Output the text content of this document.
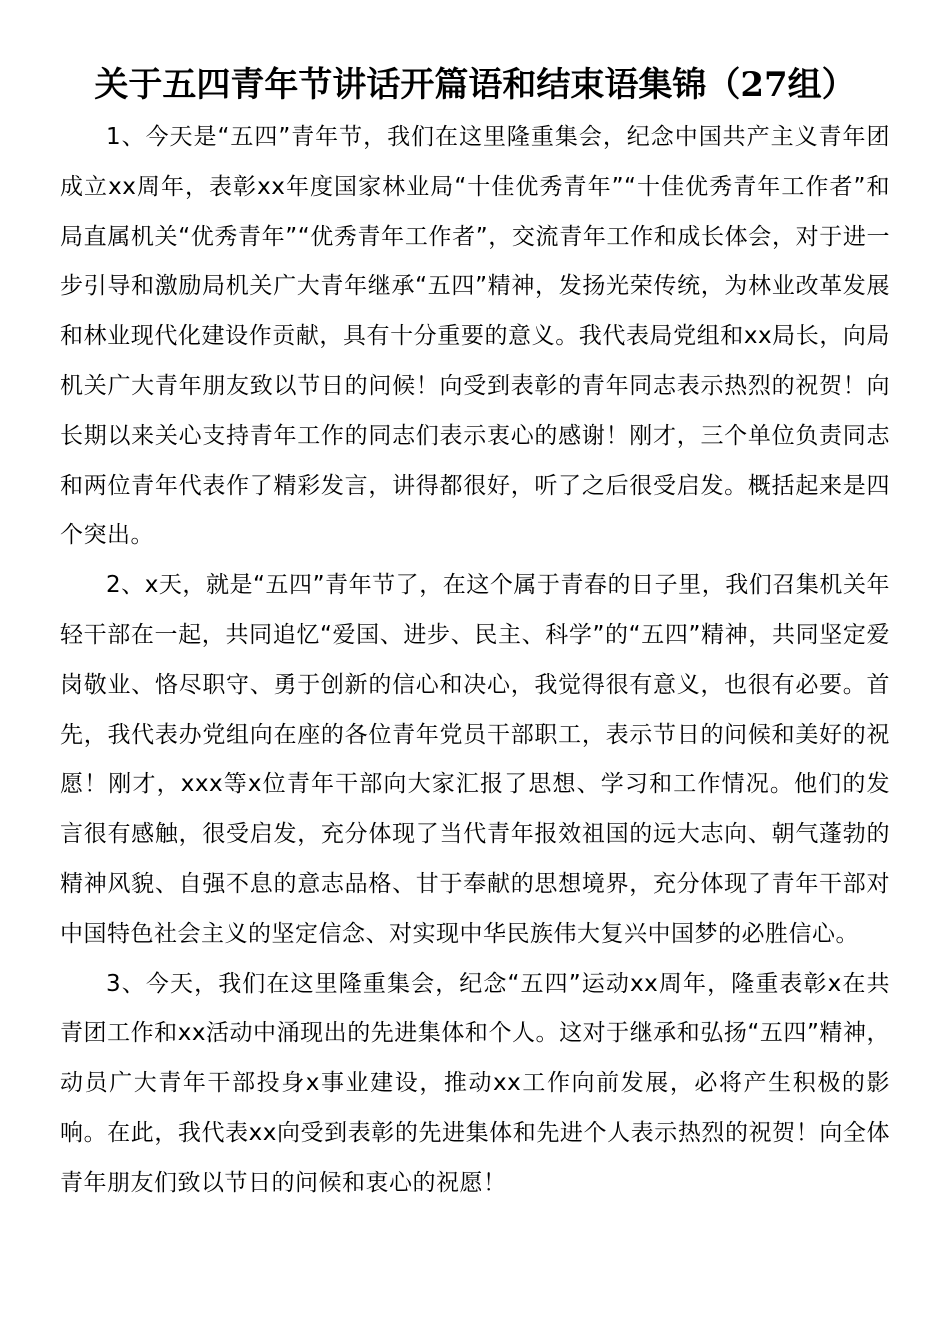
关于五四青年节讲话开篇语和结束语集锦（27组）

1、今天是“五四”青年节，我们在这里隆重集会，纪念中国共产主义青年团成立xx周年，表彰xx年度国家林业局“十佳优秀青年”“十佳优秀青年工作者”和局直属机关“优秀青年”“优秀青年工作者”，交流青年工作和成长体会，对于进一步引导和激励局机关广大青年继承“五四”精神，发扬光荣传统，为林业改革发展和林业现代化建设作贡献，具有十分重要的意义。我代表局党组和xx局长，向局机关广大青年朋友致以节日的问候！向受到表彰的青年同志表示热烈的祝贺！向长期以来关心支持青年工作的同志们表示衷心的感谢！刚才，三个单位负责同志和两位青年代表作了精彩发言，讲得都很好，听了之后很受启发。概括起来是四个突出。

2、x天，就是“五四”青年节了，在这个属于青春的日子里，我们召集机关年轻干部在一起，共同追忆“爱国、进步、民主、科学”的“五四”精神，共同坚定爱岗敬业、恪尽职守、勇于创新的信心和决心，我觉得很有意义，也很有必要。首先，我代表办党组向在座的各位青年党员干部职工，表示节日的问候和美好的祝愿！刚才，xxx等x位青年干部向大家汇报了思想、学习和工作情况。他们的发言很有感触，很受启发，充分体现了当代青年报效祖国的远大志向、朝气蓬勃的精神风貌、自强不息的意志品格、甘于奉献的思想境界，充分体现了青年干部对中国特色社会主义的坚定信念、对实现中华民族伟大复兴中国梦的必胜信心。

3、今天，我们在这里隆重集会，纪念“五四”运动xx周年，隆重表彰x在共青团工作和xx活动中涌现出的先进集体和个人。这对于继承和弘扬“五四”精神，动员广大青年干部投身x事业建设，推动xx工作向前发展，必将产生积极的影响。在此，我代表xx向受到表彰的先进集体和先进个人表示热烈的祝贺！向全体青年朋友们致以节日的问候和衷心的祝愿！
